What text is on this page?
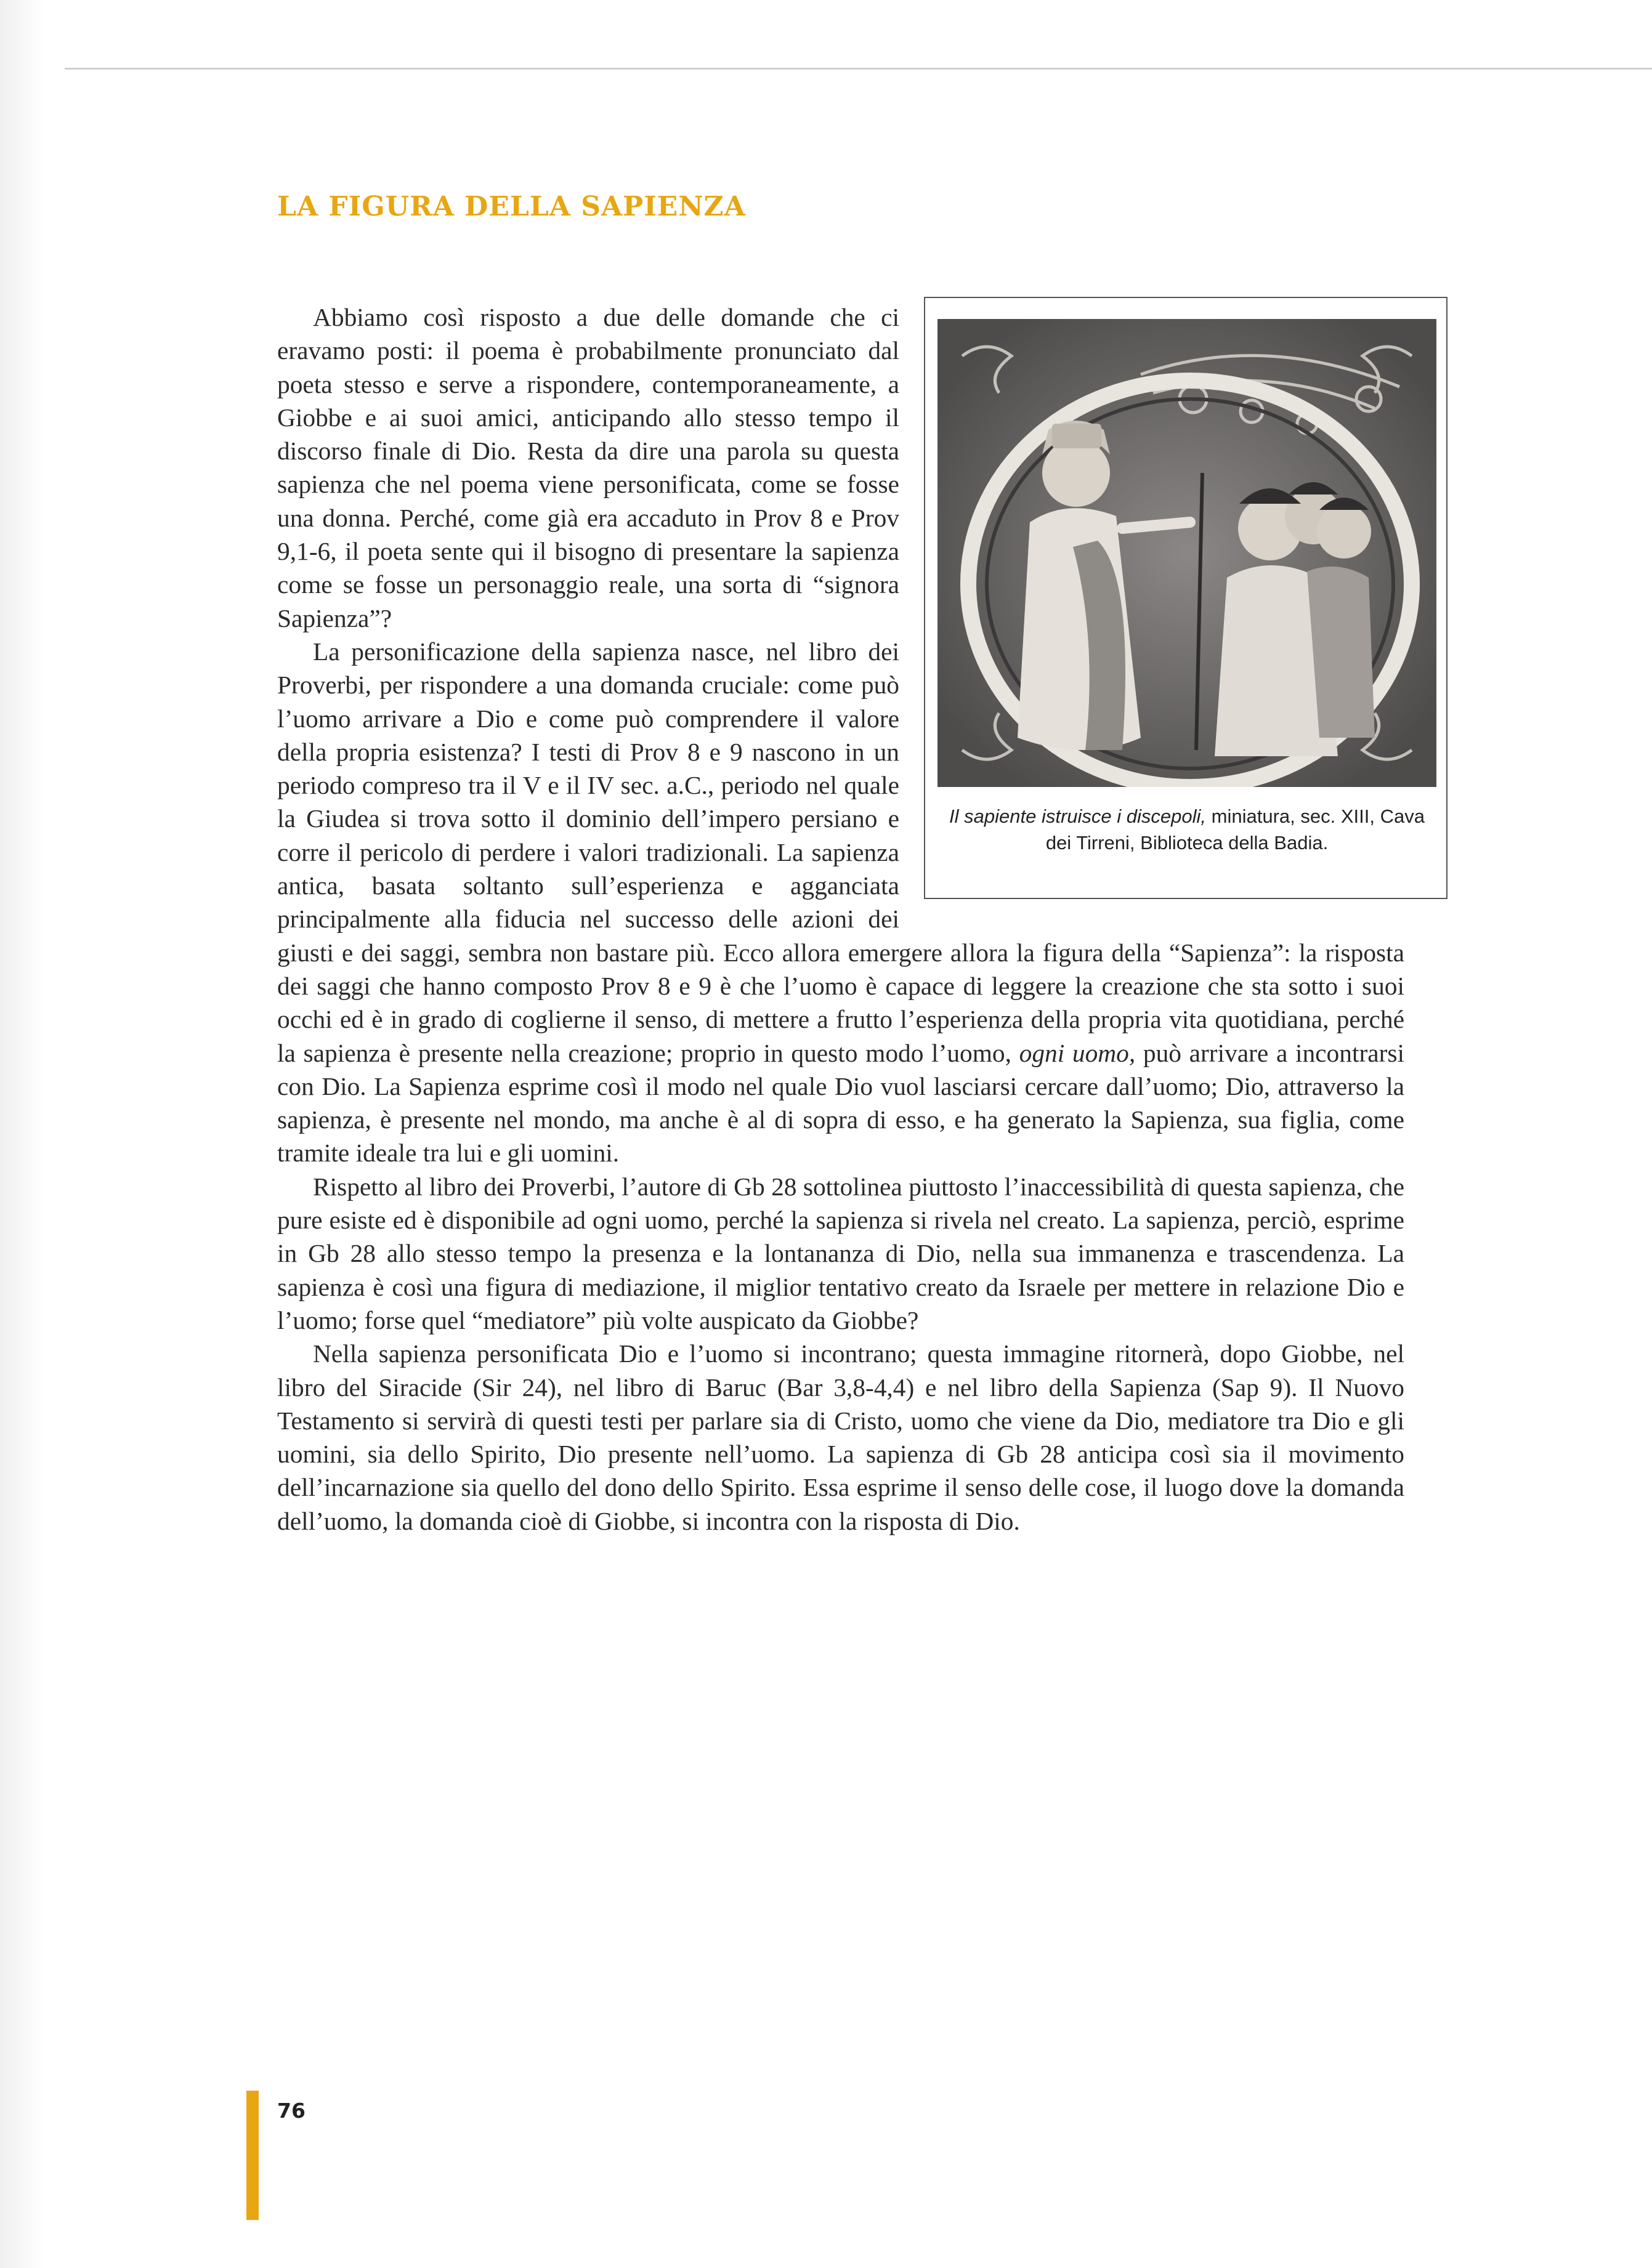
LA FIGURA DELLA SAPIENZA
Il sapiente istruisce i discepoli, miniatura, sec. XIII, Cava dei Tirreni, Biblioteca della Badia.

Abbiamo così risposto a due delle domande che ci eravamo posti: il poema è probabilmente pronunciato dal poeta stesso e serve a rispondere, contemporaneamente, a Giobbe e ai suoi amici, anticipando allo stesso tempo il discorso finale di Dio. Resta da dire una parola su questa sapienza che nel poema viene personificata, come se fosse una donna. Perché, come già era accaduto in Prov 8 e Prov 9,1-6, il poeta sente qui il bisogno di presentare la sapienza come se fosse un personaggio reale, una sorta di “signora Sapienza”?

La personificazione della sapienza nasce, nel libro dei Proverbi, per rispondere a una domanda cruciale: come può l’uomo arrivare a Dio e come può comprendere il valore della propria esistenza? I testi di Prov 8 e 9 nascono in un periodo compreso tra il V e il IV sec. a.C., periodo nel quale la Giudea si trova sotto il dominio dell’impero persiano e corre il pericolo di perdere i valori tradizionali. La sapienza antica, basata soltanto sull’esperienza e agganciata principalmente alla fiducia nel successo delle azioni dei giusti e dei saggi, sembra non bastare più. Ecco allora emergere allora la figura della “Sapienza”: la risposta dei saggi che hanno composto Prov 8 e 9 è che l’uomo è capace di leggere la creazione che sta sotto i suoi occhi ed è in grado di coglierne il senso, di mettere a frutto l’esperienza della propria vita quotidiana, perché la sapienza è presente nella creazione; proprio in questo modo l’uomo, ogni uomo, può arrivare a incontrarsi con Dio. La Sapienza esprime così il modo nel quale Dio vuol lasciarsi cercare dall’uomo; Dio, attraverso la sapienza, è presente nel mondo, ma anche è al di sopra di esso, e ha generato la Sapienza, sua figlia, come tramite ideale tra lui e gli uomini.

Rispetto al libro dei Proverbi, l’autore di Gb 28 sottolinea piuttosto l’inaccessibilità di questa sapienza, che pure esiste ed è disponibile ad ogni uomo, perché la sapienza si rivela nel creato. La sapienza, perciò, esprime in Gb 28 allo stesso tempo la presenza e la lontananza di Dio, nella sua immanenza e trascendenza. La sapienza è così una figura di mediazione, il miglior tentativo creato da Israele per mettere in relazione Dio e l’uomo; forse quel “mediatore” più volte auspicato da Giobbe?

Nella sapienza personificata Dio e l’uomo si incontrano; questa immagine ritornerà, dopo Giobbe, nel libro del Siracide (Sir 24), nel libro di Baruc (Bar 3,8-4,4) e nel libro della Sapienza (Sap 9). Il Nuovo Testamento si servirà di questi testi per parlare sia di Cristo, uomo che viene da Dio, mediatore tra Dio e gli uomini, sia dello Spirito, Dio presente nell’uomo. La sapienza di Gb 28 anticipa così sia il movimento dell’incarnazione sia quello del dono dello Spirito. Essa esprime il senso delle cose, il luogo dove la domanda dell’uomo, la domanda cioè di Giobbe, si incontra con la risposta di Dio.

76
